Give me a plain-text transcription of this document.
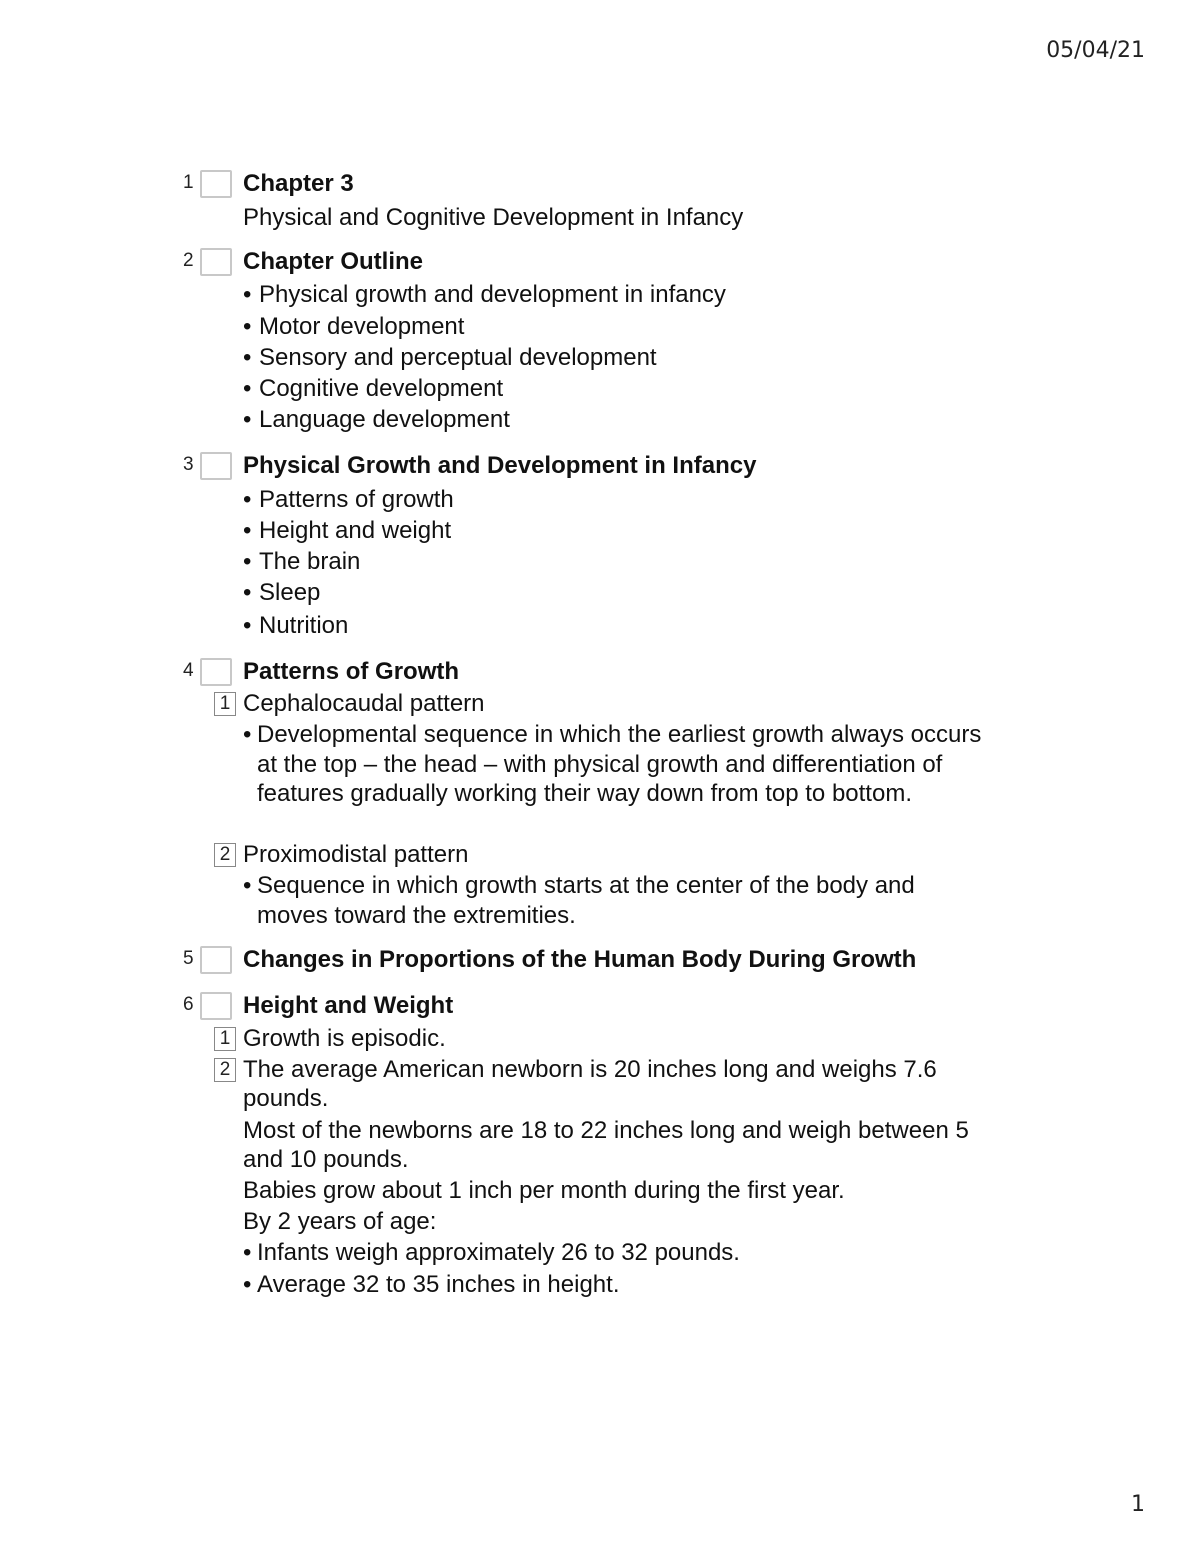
05/04/21
1 Chapter 3
Physical and Cognitive Development in Infancy
2 Chapter Outline
• Physical growth and development in infancy
• Motor development
• Sensory and perceptual development
• Cognitive development
• Language development
3 Physical Growth and Development in Infancy
• Patterns of growth
• Height and weight
• The brain
• Sleep
• Nutrition
4 Patterns of Growth
1 Cephalocaudal pattern
• Developmental sequence in which the earliest growth always occurs at the top – the head – with physical growth and differentiation of features gradually working their way down from top to bottom.
2 Proximodistal pattern
• Sequence in which growth starts at the center of the body and moves toward the extremities.
5 Changes in Proportions of the Human Body During Growth
6 Height and Weight
1 Growth is episodic.
2 The average American newborn is 20 inches long and weighs 7.6 pounds.
Most of the newborns are 18 to 22 inches long and weigh between 5 and 10 pounds.
Babies grow about 1 inch per month during the first year.
By 2 years of age:
• Infants weigh approximately 26 to 32 pounds.
• Average 32 to 35 inches in height.
1
